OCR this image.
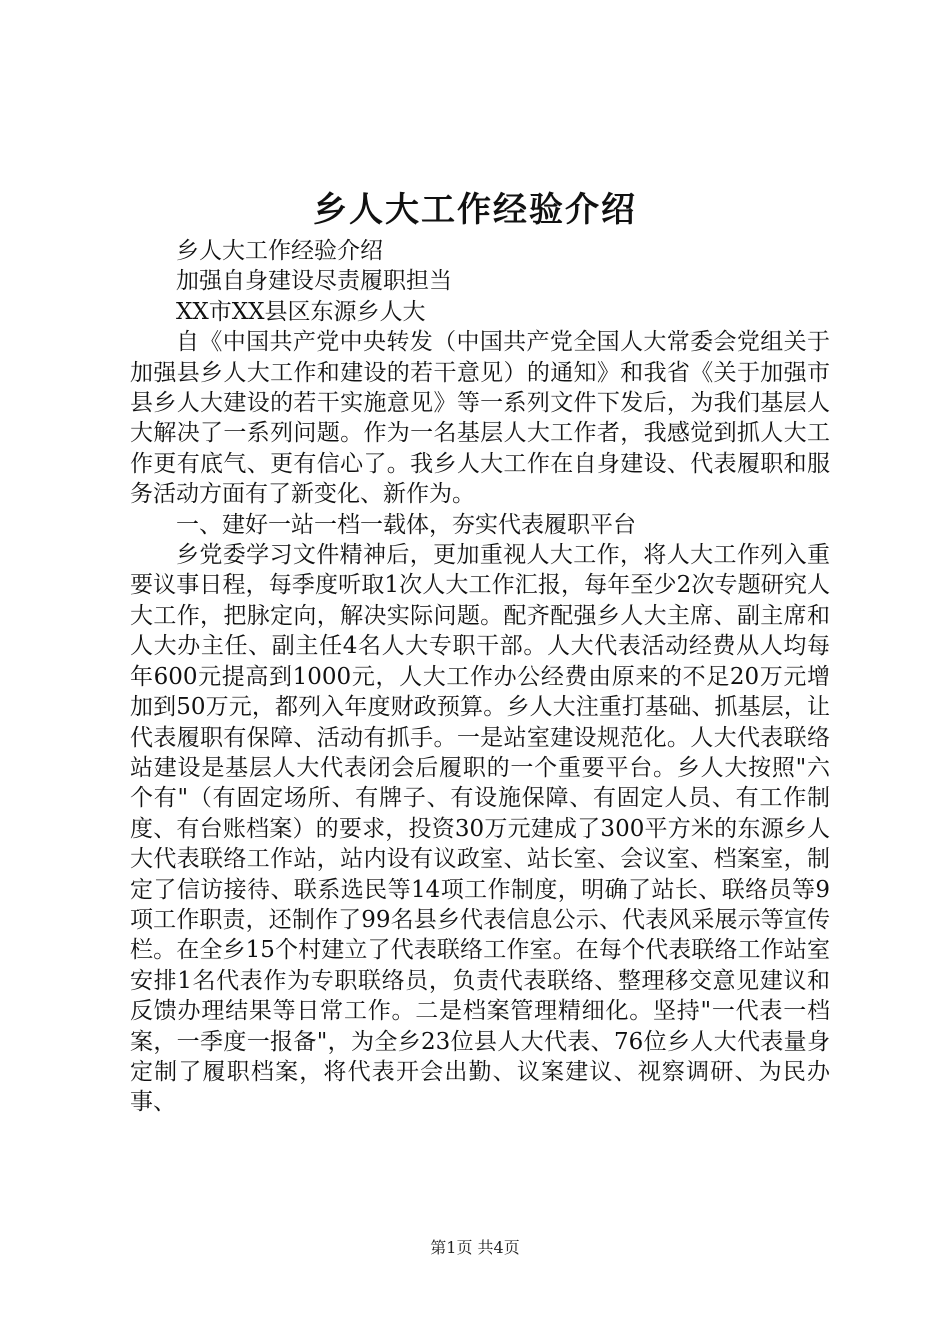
乡人大工作经验介绍

乡人大工作经验介绍

加强自身建设尽责履职担当

XX市XX县区东源乡人大

自《中国共产党中央转发（中国共产党全国人大常委会党组关于加强县乡人大工作和建设的若干意见）的通知》和我省《关于加强市县乡人大建设的若干实施意见》等一系列文件下发后，为我们基层人大解决了一系列问题。作为一名基层人大工作者，我感觉到抓人大工作更有底气、更有信心了。我乡人大工作在自身建设、代表履职和服务活动方面有了新变化、新作为。

一、建好一站一档一载体，夯实代表履职平台

乡党委学习文件精神后，更加重视人大工作，将人大工作列入重要议事日程，每季度听取1次人大工作汇报，每年至少2次专题研究人大工作，把脉定向，解决实际问题。配齐配强乡人大主席、副主席和人大办主任、副主任4名人大专职干部。人大代表活动经费从人均每年600元提高到1000元，人大工作办公经费由原来的不足20万元增加到50万元，都列入年度财政预算。乡人大注重打基础、抓基层，让代表履职有保障、活动有抓手。一是站室建设规范化。人大代表联络站建设是基层人大代表闭会后履职的一个重要平台。乡人大按照"六个有"（有固定场所、有牌子、有设施保障、有固定人员、有工作制度、有台账档案）的要求，投资30万元建成了300平方米的东源乡人大代表联络工作站，站内设有议政室、站长室、会议室、档案室，制定了信访接待、联系选民等14项工作制度，明确了站长、联络员等9项工作职责，还制作了99名县乡代表信息公示、代表风采展示等宣传栏。在全乡15个村建立了代表联络工作室。在每个代表联络工作站室安排1名代表作为专职联络员，负责代表联络、整理移交意见建议和反馈办理结果等日常工作。二是档案管理精细化。坚持"一代表一档案，一季度一报备"，为全乡23位县人大代表、76位乡人大代表量身定制了履职档案，将代表开会出勤、议案建议、视察调研、为民办事、

第1页 共4页
